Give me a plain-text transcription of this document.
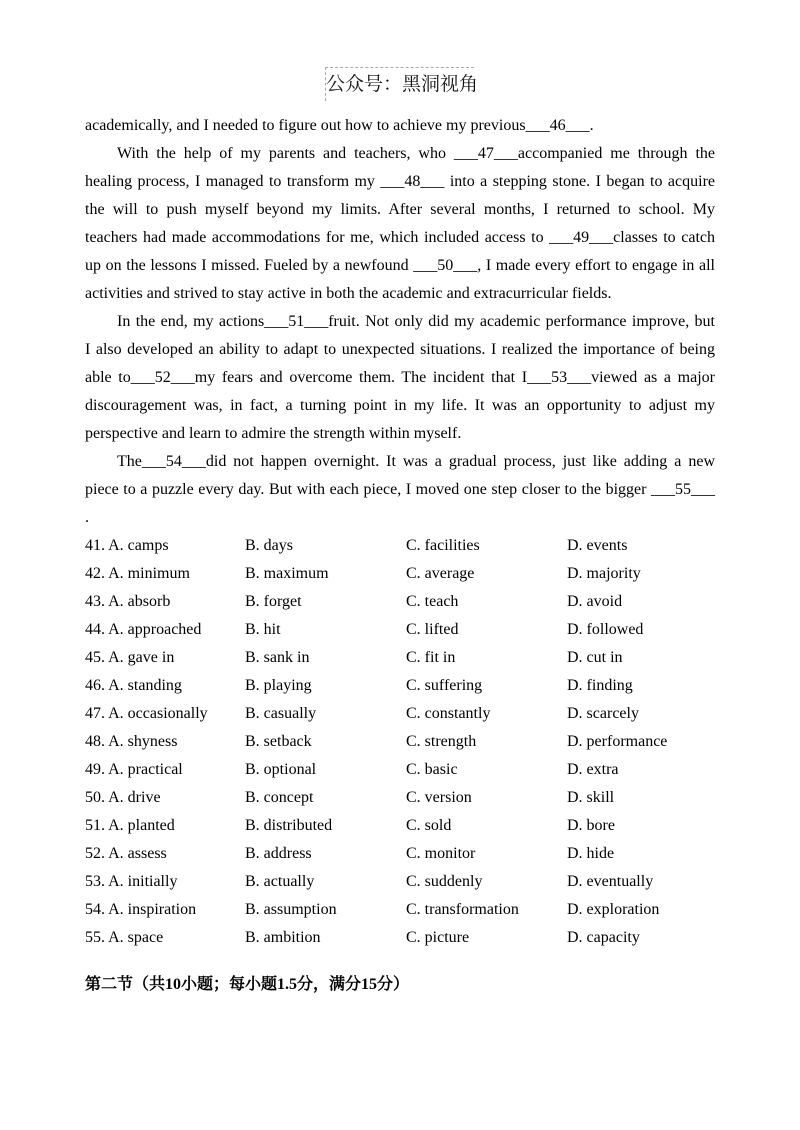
公众号：黑洞视角
academically, and I needed to figure out how to achieve my previous___46___.
With the help of my parents and teachers, who ___47___accompanied me through the
healing process, I managed to transform my ___48___ into a stepping stone. I began to acquire
the will to push myself beyond my limits. After several months, I returned to school. My
teachers had made accommodations for me, which included access to ___49___classes to catch
up on the lessons I missed. Fueled by a newfound ___50___, I made every effort to engage in all
activities and strived to stay active in both the academic and extracurricular fields.
In the end, my actions___51___fruit. Not only did my academic performance improve, but
I also developed an ability to adapt to unexpected situations. I realized the importance of being
able to___52___my fears and overcome them. The incident that I___53___viewed as a major
discouragement was, in fact, a turning point in my life. It was an opportunity to adjust my
perspective and learn to admire the strength within myself.
The___54___did not happen overnight. It was a gradual process, just like adding a new
piece to a puzzle every day. But with each piece, I moved one step closer to the bigger ___55___
.
41. A. camps	B. days	C. facilities	D. events
42. A. minimum	B. maximum	C. average	D. majority
43. A. absorb	B. forget	C. teach	D. avoid
44. A. approached	B. hit	C. lifted	D. followed
45. A. gave in	B. sank in	C. fit in	D. cut in
46. A. standing	B. playing	C. suffering	D. finding
47. A. occasionally	B. casually	C. constantly	D. scarcely
48. A. shyness	B. setback	C. strength	D. performance
49. A. practical	B. optional	C. basic	D. extra
50. A. drive	B. concept	C. version	D. skill
51. A. planted	B. distributed	C. sold	D. bore
52. A. assess	B. address	C. monitor	D. hide
53. A. initially	B. actually	C. suddenly	D. eventually
54. A. inspiration	B. assumption	C. transformation	D. exploration
55. A. space	B. ambition	C. picture	D. capacity
第二节（共10小题；每小题1.5分，满分15分）
